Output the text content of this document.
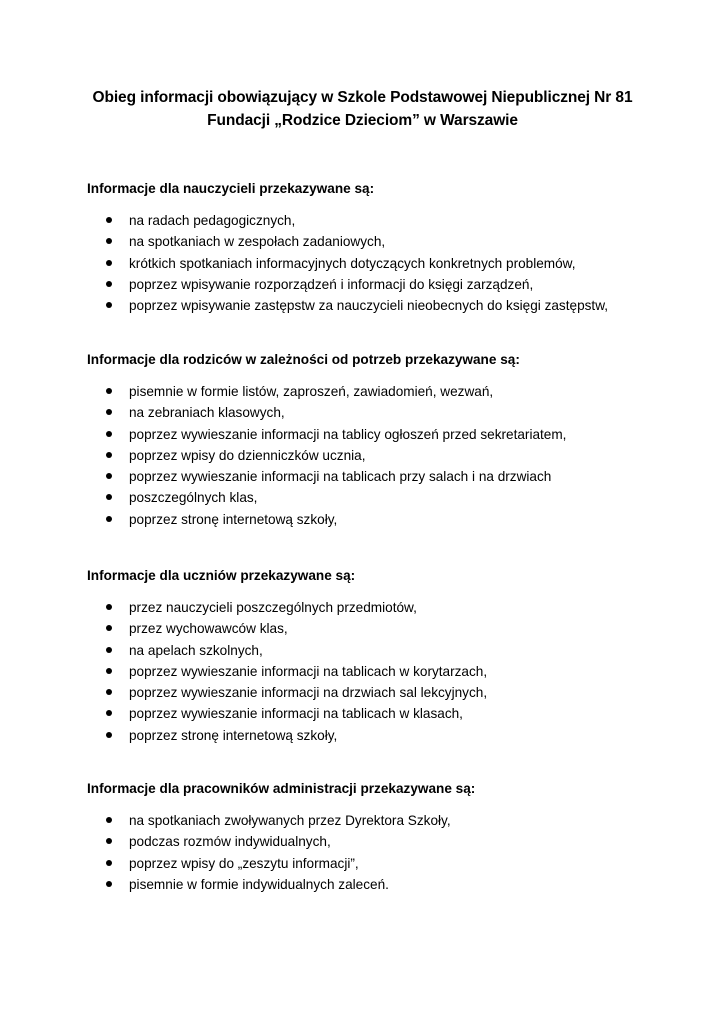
Obieg informacji obowiązujący w Szkole Podstawowej Niepublicznej Nr 81
Fundacji „Rodzice Dzieciom” w Warszawie
Informacje dla nauczycieli przekazywane są:
na radach pedagogicznych,
na spotkaniach w zespołach zadaniowych,
krótkich spotkaniach informacyjnych dotyczących konkretnych problemów,
poprzez wpisywanie rozporządzeń i informacji do księgi zarządzeń,
poprzez wpisywanie zastępstw za nauczycieli nieobecnych do księgi zastępstw,
Informacje dla rodziców w zależności od potrzeb przekazywane są:
pisemnie w formie listów, zaproszeń, zawiadomień, wezwań,
na zebraniach klasowych,
poprzez wywieszanie informacji na tablicy ogłoszeń przed sekretariatem,
poprzez wpisy do dzienniczków ucznia,
poprzez wywieszanie informacji na tablicach przy salach i na drzwiach
poszczególnych klas,
poprzez stronę internetową szkoły,
Informacje dla uczniów przekazywane są:
przez nauczycieli poszczególnych przedmiotów,
przez wychowawców klas,
na apelach szkolnych,
poprzez wywieszanie informacji na tablicach w korytarzach,
poprzez wywieszanie informacji na drzwiach sal lekcyjnych,
poprzez wywieszanie informacji na tablicach w klasach,
poprzez stronę internetową szkoły,
Informacje dla pracowników administracji przekazywane są:
na spotkaniach zwoływanych przez Dyrektora Szkoły,
podczas rozmów indywidualnych,
poprzez wpisy do „zeszytu informacji”,
pisemnie w formie indywidualnych zaleceń.
